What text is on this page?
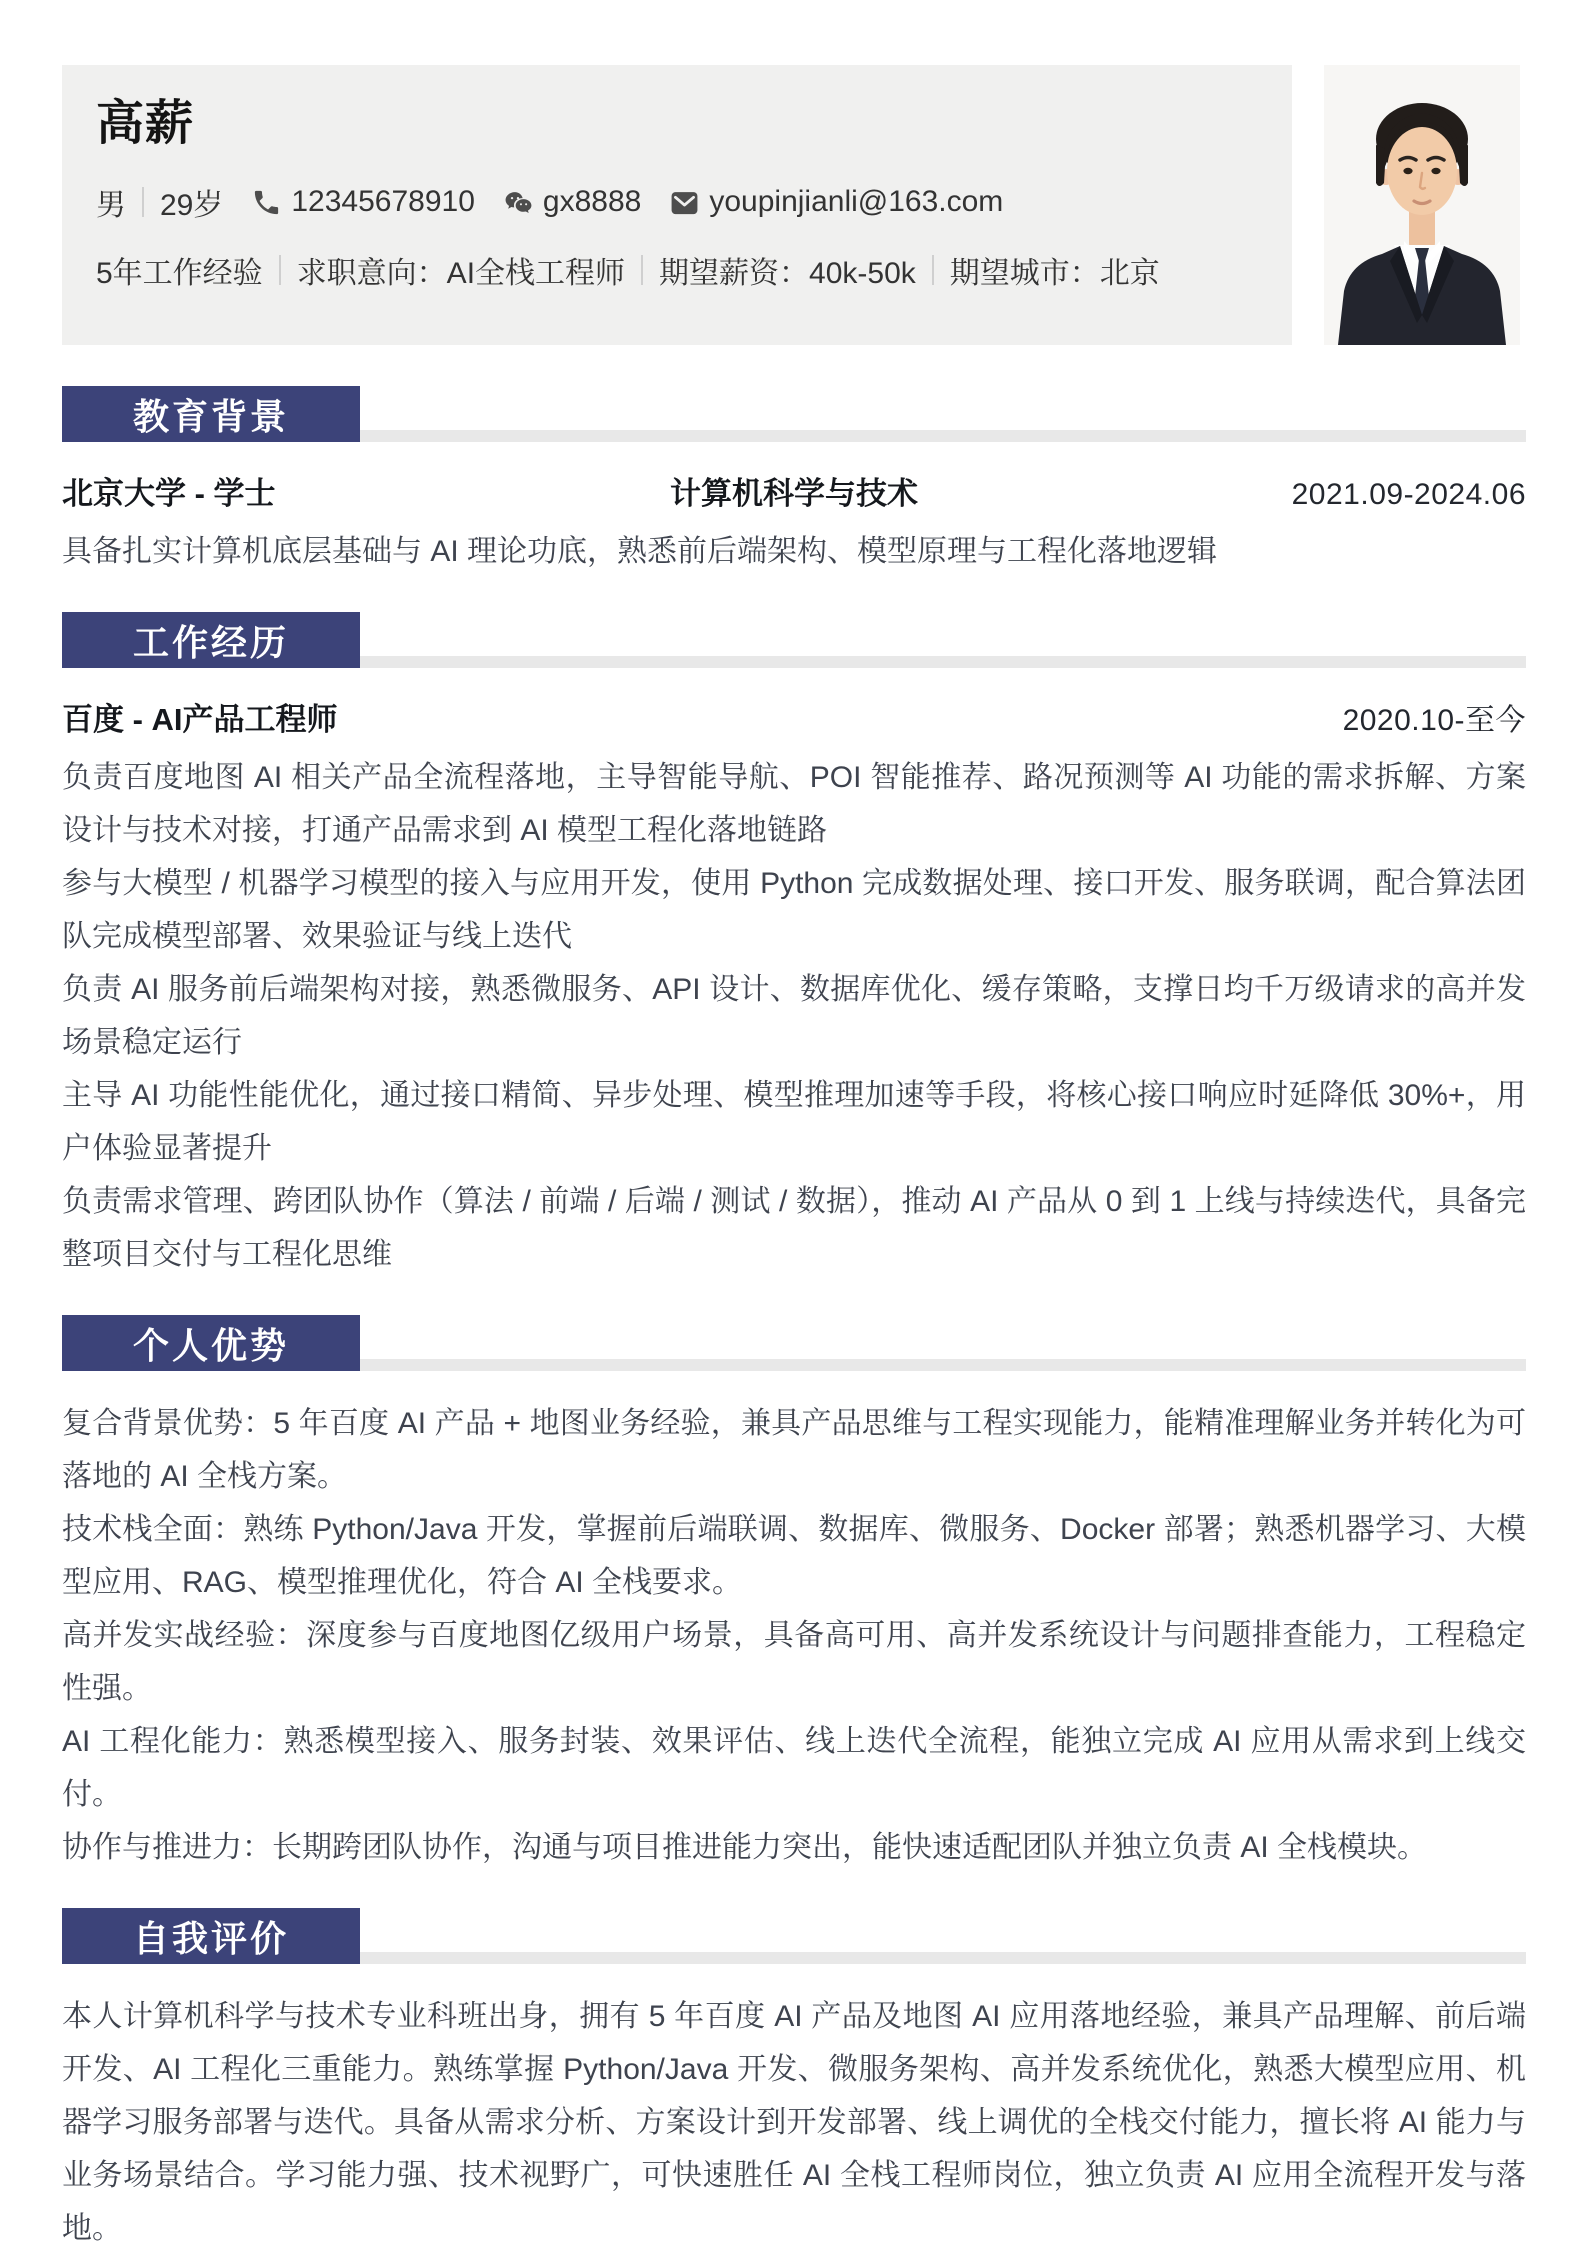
高薪
男 29岁 12345678910 gx8888 youpinjianli@163.com
5年工作经验 求职意向：AI全栈工程师 期望薪资：40k-50k 期望城市：北京
教育背景
北京大学 - 学士	计算机科学与技术	2021.09-2024.06

具备扎实计算机底层基础与 AI 理论功底，熟悉前后端架构、模型原理与工程化落地逻辑

工作经历
百度 - AI产品工程师	2020.10-至今

负责百度地图 AI 相关产品全流程落地，主导智能导航、POI 智能推荐、路况预测等 AI 功能的需求拆解、方案设计与技术对接，打通产品需求到 AI 模型工程化落地链路

参与大模型 / 机器学习模型的接入与应用开发，使用 Python 完成数据处理、接口开发、服务联调，配合算法团队完成模型部署、效果验证与线上迭代

负责 AI 服务前后端架构对接，熟悉微服务、API 设计、数据库优化、缓存策略，支撑日均千万级请求的高并发场景稳定运行

主导 AI 功能性能优化，通过接口精简、异步处理、模型推理加速等手段，将核心接口响应时延降低 30%+，用户体验显著提升

负责需求管理、跨团队协作（算法 / 前端 / 后端 / 测试 / 数据），推动 AI 产品从 0 到 1 上线与持续迭代，具备完整项目交付与工程化思维

个人优势

复合背景优势：5 年百度 AI 产品 + 地图业务经验，兼具产品思维与工程实现能力，能精准理解业务并转化为可落地的 AI 全栈方案。

技术栈全面：熟练 Python/Java 开发，掌握前后端联调、数据库、微服务、Docker 部署；熟悉机器学习、大模型应用、RAG、模型推理优化，符合 AI 全栈要求。

高并发实战经验：深度参与百度地图亿级用户场景，具备高可用、高并发系统设计与问题排查能力，工程稳定性强。

AI 工程化能力：熟悉模型接入、服务封装、效果评估、线上迭代全流程，能独立完成 AI 应用从需求到上线交付。

协作与推进力：长期跨团队协作，沟通与项目推进能力突出，能快速适配团队并独立负责 AI 全栈模块。

自我评价

本人计算机科学与技术专业科班出身，拥有 5 年百度 AI 产品及地图 AI 应用落地经验，兼具产品理解、前后端开发、AI 工程化三重能力。熟练掌握 Python/Java 开发、微服务架构、高并发系统优化，熟悉大模型应用、机器学习服务部署与迭代。具备从需求分析、方案设计到开发部署、线上调优的全栈交付能力，擅长将 AI 能力与业务场景结合。学习能力强、技术视野广，可快速胜任 AI 全栈工程师岗位，独立负责 AI 应用全流程开发与落地。
